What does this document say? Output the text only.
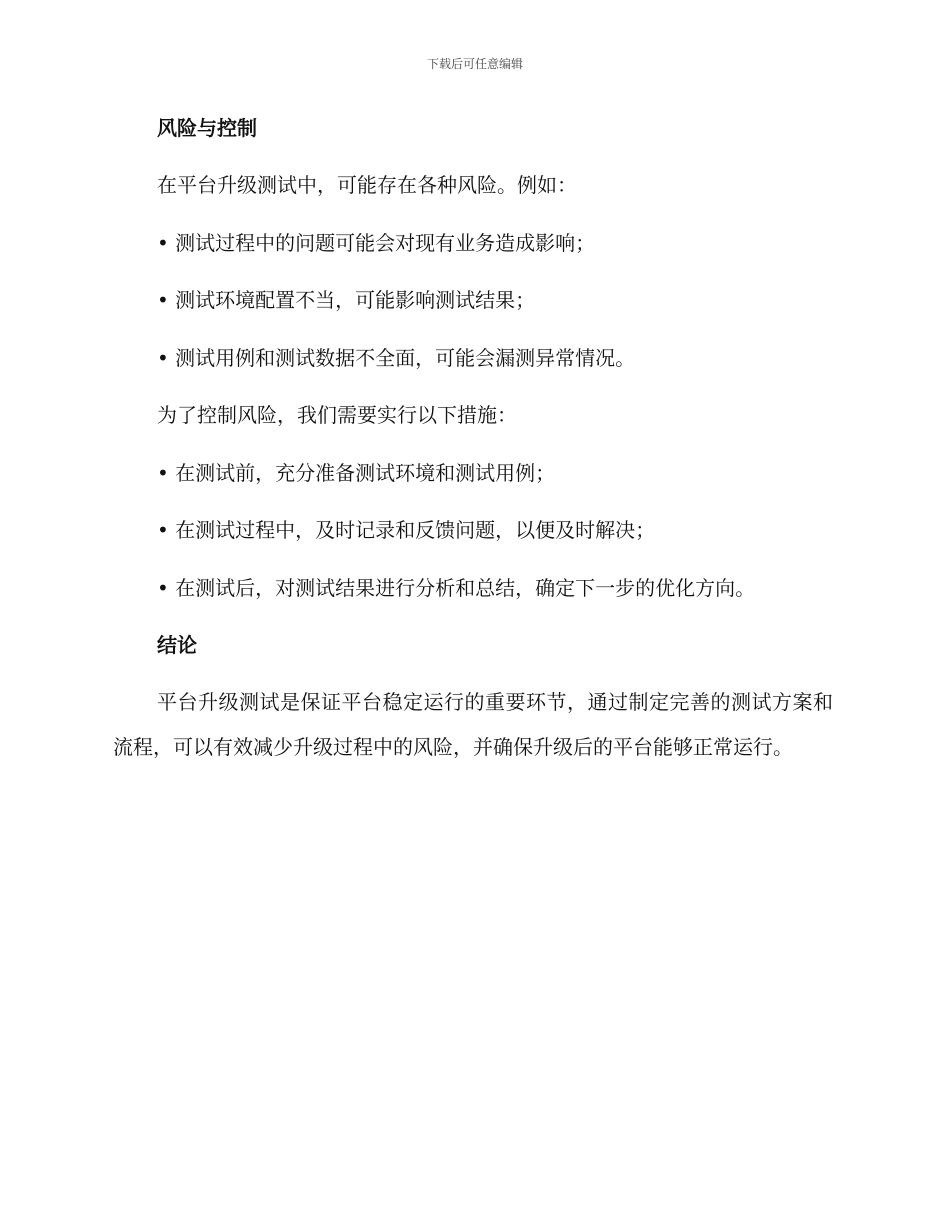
下载后可任意编辑
风险与控制
在平台升级测试中，可能存在各种风险。例如：
• 测试过程中的问题可能会对现有业务造成影响；
• 测试环境配置不当，可能影响测试结果；
• 测试用例和测试数据不全面，可能会漏测异常情况。
为了控制风险，我们需要实行以下措施：
• 在测试前，充分准备测试环境和测试用例；
• 在测试过程中，及时记录和反馈问题，以便及时解决；
• 在测试后，对测试结果进行分析和总结，确定下一步的优化方向。
结论
平台升级测试是保证平台稳定运行的重要环节，通过制定完善的测试方案和流程，可以有效减少升级过程中的风险，并确保升级后的平台能够正常运行。
